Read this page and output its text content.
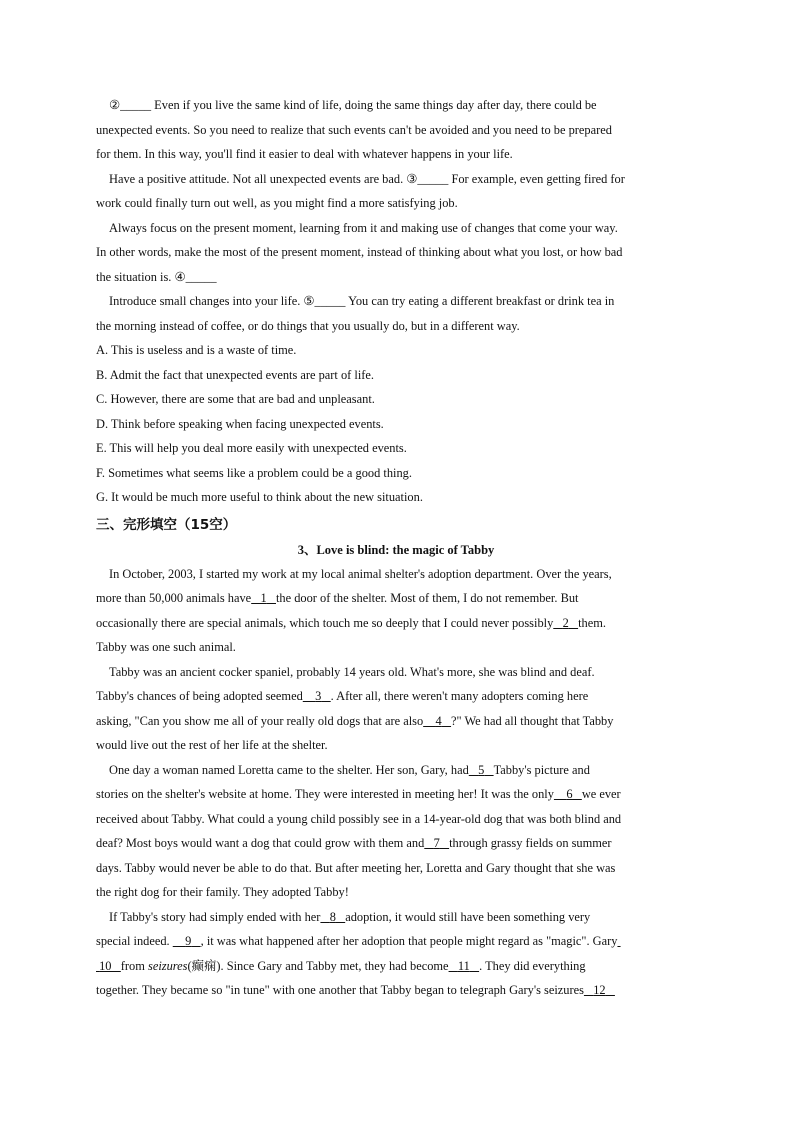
②_____ Even if you live the same kind of life, doing the same things day after day, there could be
unexpected events. So you need to realize that such events can't be avoided and you need to be prepared
for them. In this way, you'll find it easier to deal with whatever happens in your life.
Have a positive attitude. Not all unexpected events are bad. ③_____ For example, even getting fired for
work could finally turn out well, as you might find a more satisfying job.
Always focus on the present moment, learning from it and making use of changes that come your way.
In other words, make the most of the present moment, instead of thinking about what you lost, or how bad
the situation is. ④_____
Introduce small changes into your life. ⑤_____ You can try eating a different breakfast or drink tea in
the morning instead of coffee, or do things that you usually do, but in a different way.
A. This is useless and is a waste of time.
B. Admit the fact that unexpected events are part of life.
C. However, there are some that are bad and unpleasant.
D. Think before speaking when facing unexpected events.
E. This will help you deal more easily with unexpected events.
F. Sometimes what seems like a problem could be a good thing.
G. It would be much more useful to think about the new situation.
三、完形填空（15空）
3、Love is blind: the magic of Tabby
In October, 2003, I started my work at my local animal shelter's adoption department. Over the years,
more than 50,000 animals have 1 the door of the shelter. Most of them, I do not remember. But
occasionally there are special animals, which touch me so deeply that I could never possibly 2 them.
Tabby was one such animal.
Tabby was an ancient cocker spaniel, probably 14 years old. What's more, she was blind and deaf.
Tabby's chances of being adopted seemed 3 . After all, there weren't many adopters coming here
asking, "Can you show me all of your really old dogs that are also 4 ?" We had all thought that Tabby
would live out the rest of her life at the shelter.
One day a woman named Loretta came to the shelter. Her son, Gary, had 5 Tabby's picture and
stories on the shelter's website at home. They were interested in meeting her! It was the only 6 we ever
received about Tabby. What could a young child possibly see in a 14-year-old dog that was both blind and
deaf? Most boys would want a dog that could grow with them and 7 through grassy fields on summer
days. Tabby would never be able to do that. But after meeting her, Loretta and Gary thought that she was
the right dog for their family. They adopted Tabby!
If Tabby's story had simply ended with her 8 adoption, it would still have been something very
special indeed. 9 , it was what happened after her adoption that people might regard as "magic". Gary
10 from seizures(癫痫). Since Gary and Tabby met, they had become 11 . They did everything
together. They became so "in tune" with one another that Tabby began to telegraph Gary's seizures 12
